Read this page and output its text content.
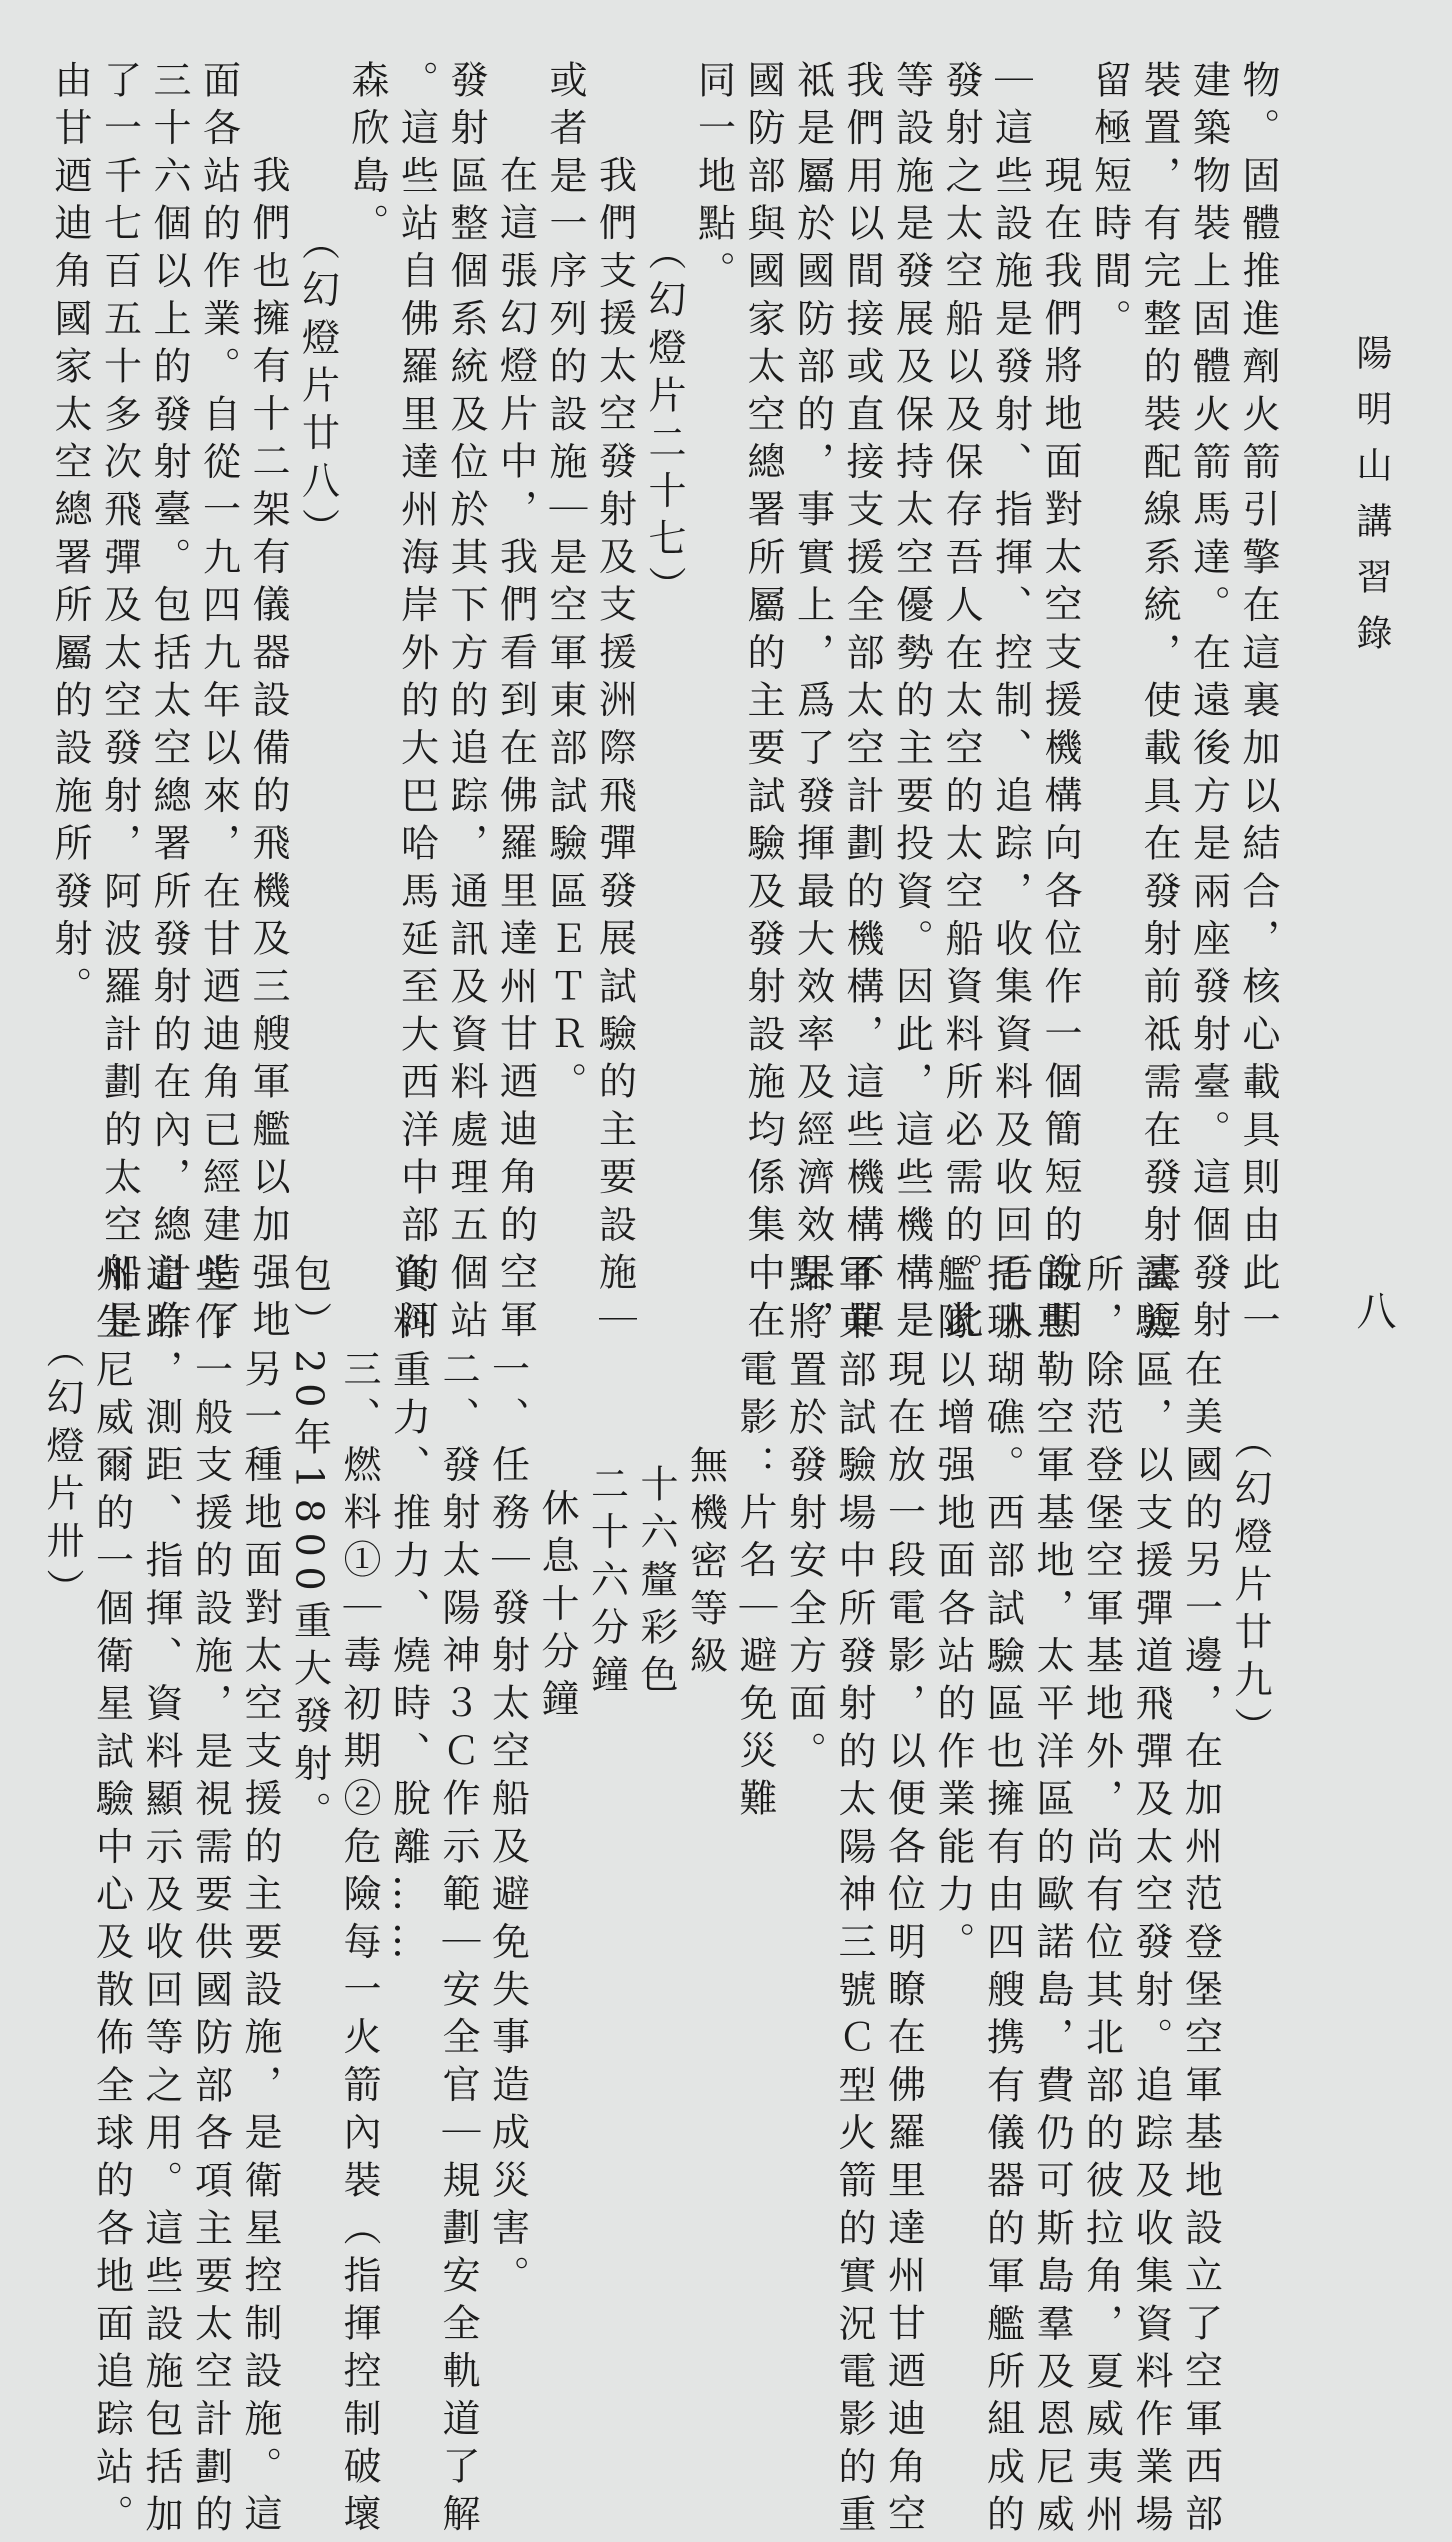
陽明山講習錄
八
物。固體推進劑火箭引擎在這裏加以結合，核心載具則由此一
建築物裝上固體火箭馬達。在遠後方是兩座發射臺。這個發射
裝置，有完整的裝配線系統，使載具在發射前祗需在發射臺逗
留極短時間。
現在我們將地面對太空支援機構向各位作一個簡短的說明
｜這些設施是發射、指揮、控制、追踪，收集資料及收回吾人
發射之太空船以及保存吾人在太空的太空船資料所必需的。此
等設施是發展及保持太空優勢的主要投資。因此，這些機構是
我們用以間接或直接支援全部太空計劃的機構，這些機構不單
祗是屬於國防部的，事實上，爲了發揮最大效率及經濟效果，
國防部與國家太空總署所屬的主要試驗及發射設施均係集中在
同一地點。
（幻燈片二十七）
我們支援太空發射及支援洲際飛彈發展試驗的主要設施｜
或者是一序列的設施｜是空軍東部試驗區ＥＴＲ。
在這張幻燈片中，我們看到在佛羅里達州甘迺迪角的空軍
發射區整個系統及位於其下方的追踪，通訊及資料處理五個站
。這些站自佛羅里達州海岸外的大巴哈馬延至大西洋中部的河
森欣島。
（幻燈片廿八）
我們也擁有十二架有儀器設備的飛機及三艘軍艦以加强地
面各站的作業。自從一九四九年以來，在甘迺迪角已經建造了
三十六個以上的發射臺。包括太空總署所發射的在內，總計作
了一千七百五十多次飛彈及太空發射，阿波羅計劃的太空船是
由甘迺迪角國家太空總署所屬的設施所發射。
（幻燈片廿九）
在美國的另一邊，在加州范登堡空軍基地設立了空軍西部
試驗區，以支援彈道飛彈及太空發射。追踪及收集資料作業場
所，除范登堡空軍基地外，尚有位其北部的彼拉角，夏威夷州
的惠勒空軍基地，太平洋區的歐諾島，費仍可斯島羣及恩尼威
托珊瑚礁。西部試驗區也擁有由四艘携有儀器的軍艦所組成的
艦隊以增强地面各站的作業能力。
現在放一段電影，以便各位明瞭在佛羅里達州甘迺迪角空
軍東部試驗場中所發射的太陽神三號Ｃ型火箭的實況電影的重
點將置於發射安全方面。
電影：片名｜避免災難
無機密等級
十六釐彩色
二十六分鐘
休息十分鐘
一、任務｜發射太空船及避免失事造成災害。
二、發射太陽神３Ｃ作示範｜安全官｜規劃安全軌道了解
資料重力、推力、燒時、脫離……
三、燃料①｜毒初期②危險每一火箭內裝（指揮控制破壞
包）20年1800重大發射。
另一種地面對太空支援的主要設施，是衛星控制設施。這
些作一般支援的設施，是視需要供國防部各項主要太空計劃的
追踪，測距、指揮、資料顯示及收回等之用。這些設施包括加
州生尼威爾的一個衛星試驗中心及散佈全球的各地面追踪站。
（幻燈片卅）
